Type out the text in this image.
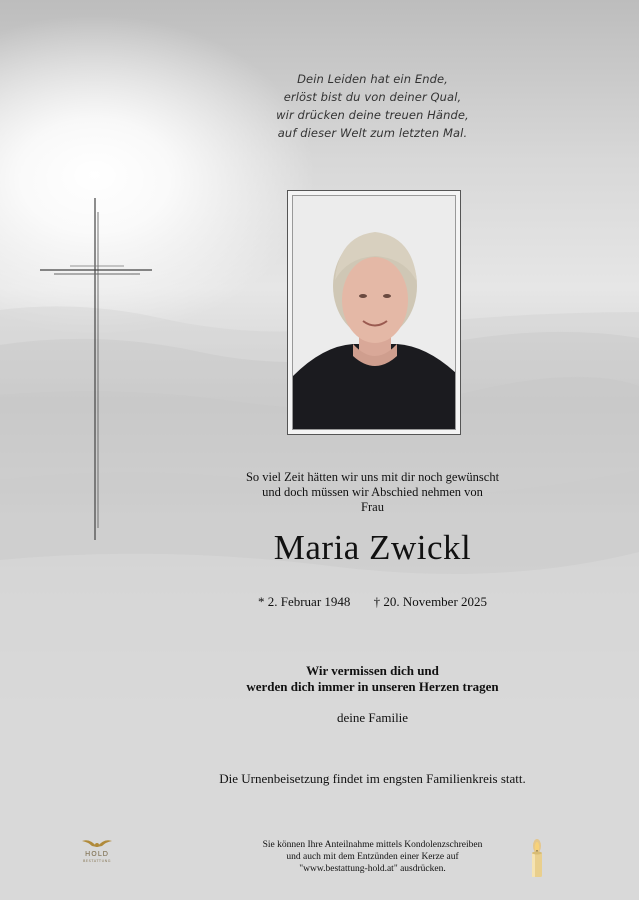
Dein Leiden hat ein Ende,
erlöst bist du von deiner Qual,
wir drücken deine treuen Hände,
auf dieser Welt zum letzten Mal.
So viel Zeit hätten wir uns mit dir noch gewünscht
und doch müssen wir Abschied nehmen von
Frau
Maria Zwickl
* 2. Februar 1948 † 20. November 2025
Wir vermissen dich und
werden dich immer in unseren Herzen tragen
deine Familie
Die Urnenbeisetzung findet im engsten Familienkreis statt.
HOLD
BESTATTUNG
Sie können Ihre Anteilnahme mittels Kondolenzschreiben
und auch mit dem Entzünden einer Kerze auf
"www.bestattung-hold.at" ausdrücken.
